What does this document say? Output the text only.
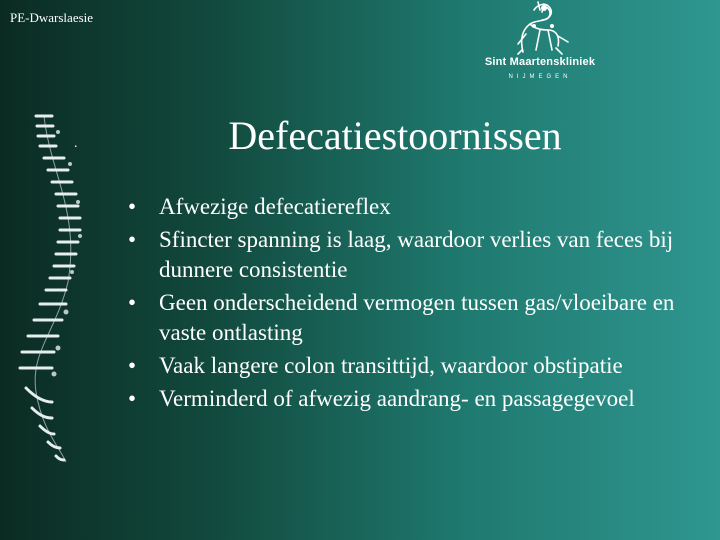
PE-Dwarslaesie
Sint Maartenskliniek
NIJMEGEN
.	Defecatiestoornissen
• Afwezige defecatiereflex
• Sfincter spanning is laag, waardoor verlies van feces bij dunnere consistentie
• Geen onderscheidend vermogen tussen gas/vloeibare en vaste ontlasting
• Vaak langere colon transittijd, waardoor obstipatie
• Verminderd of afwezig aandrang- en passagegevoel
